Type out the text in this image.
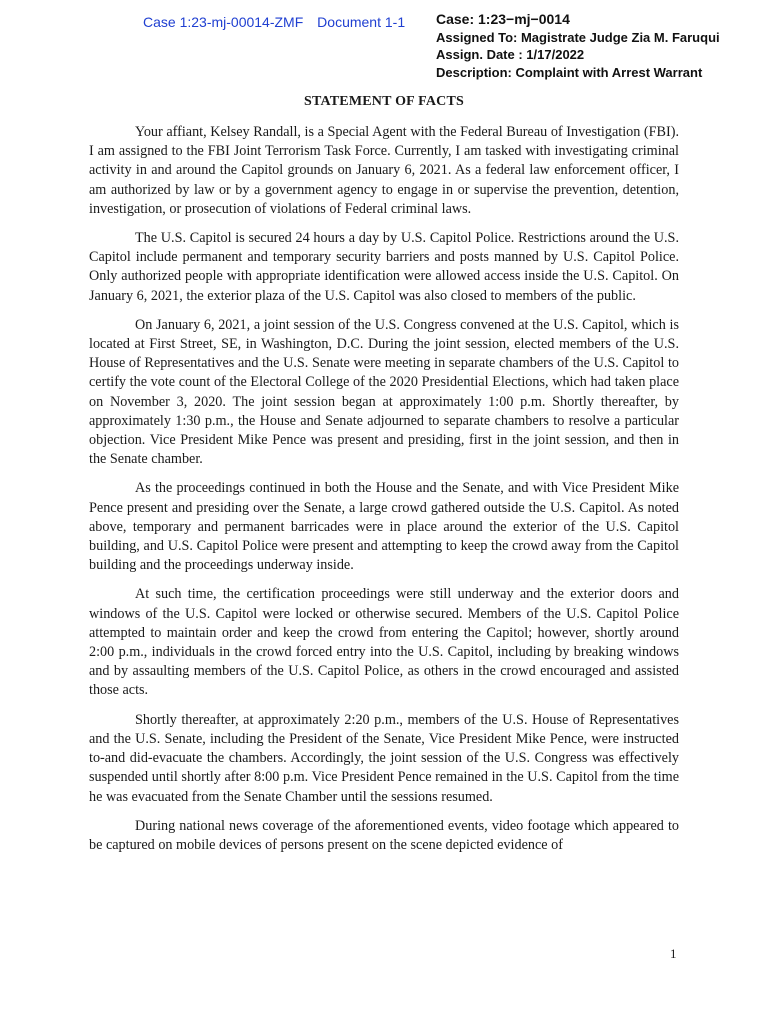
Case 1:23-mj-00014-ZMF Document 1-1 Case: 1:23−mj−0014
Assigned To: Magistrate Judge Zia M. Faruqui
Assign. Date : 1/17/2022
Description: Complaint with Arrest Warrant
STATEMENT OF FACTS

Your affiant, Kelsey Randall, is a Special Agent with the Federal Bureau of Investigation (FBI). I am assigned to the FBI Joint Terrorism Task Force. Currently, I am tasked with investigating criminal activity in and around the Capitol grounds on January 6, 2021. As a federal law enforcement officer, I am authorized by law or by a government agency to engage in or supervise the prevention, detention, investigation, or prosecution of violations of Federal criminal laws.

The U.S. Capitol is secured 24 hours a day by U.S. Capitol Police. Restrictions around the U.S. Capitol include permanent and temporary security barriers and posts manned by U.S. Capitol Police. Only authorized people with appropriate identification were allowed access inside the U.S. Capitol. On January 6, 2021, the exterior plaza of the U.S. Capitol was also closed to members of the public.

On January 6, 2021, a joint session of the U.S. Congress convened at the U.S. Capitol, which is located at First Street, SE, in Washington, D.C. During the joint session, elected members of the U.S. House of Representatives and the U.S. Senate were meeting in separate chambers of the U.S. Capitol to certify the vote count of the Electoral College of the 2020 Presidential Elections, which had taken place on November 3, 2020. The joint session began at approximately 1:00 p.m. Shortly thereafter, by approximately 1:30 p.m., the House and Senate adjourned to separate chambers to resolve a particular objection. Vice President Mike Pence was present and presiding, first in the joint session, and then in the Senate chamber.

As the proceedings continued in both the House and the Senate, and with Vice President Mike Pence present and presiding over the Senate, a large crowd gathered outside the U.S. Capitol. As noted above, temporary and permanent barricades were in place around the exterior of the U.S. Capitol building, and U.S. Capitol Police were present and attempting to keep the crowd away from the Capitol building and the proceedings underway inside.

At such time, the certification proceedings were still underway and the exterior doors and windows of the U.S. Capitol were locked or otherwise secured. Members of the U.S. Capitol Police attempted to maintain order and keep the crowd from entering the Capitol; however, shortly around 2:00 p.m., individuals in the crowd forced entry into the U.S. Capitol, including by breaking windows and by assaulting members of the U.S. Capitol Police, as others in the crowd encouraged and assisted those acts.

Shortly thereafter, at approximately 2:20 p.m., members of the U.S. House of Representatives and the U.S. Senate, including the President of the Senate, Vice President Mike Pence, were instructed to-and did-evacuate the chambers. Accordingly, the joint session of the U.S. Congress was effectively suspended until shortly after 8:00 p.m. Vice President Pence remained in the U.S. Capitol from the time he was evacuated from the Senate Chamber until the sessions resumed.

During national news coverage of the aforementioned events, video footage which appeared to be captured on mobile devices of persons present on the scene depicted evidence of

1
